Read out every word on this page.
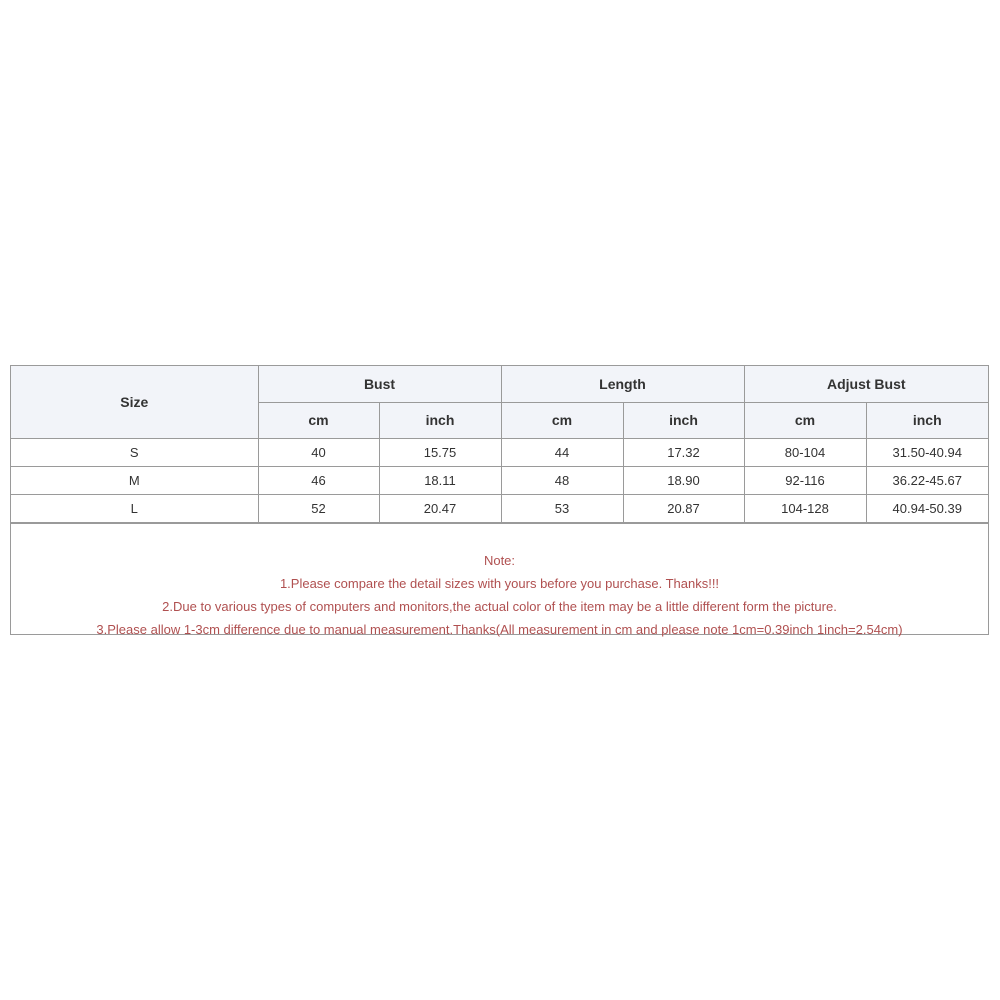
Size	Bust		Length		Adjust Bust	
	cm	inch	cm	inch	cm	inch
S	40	15.75	44	17.32	80-104	31.50-40.94
M	46	18.11	48	18.90	92-116	36.22-45.67
L	52	20.47	53	20.87	104-128	40.94-50.39
Note:
1.Please compare the detail sizes with yours before you purchase. Thanks!!!
2.Due to various types of computers and monitors,the actual color of the item may be a little different form the picture.
3.Please allow 1-3cm difference due to manual measurement.Thanks(All measurement in cm and please note 1cm=0.39inch 1inch=2.54cm)
